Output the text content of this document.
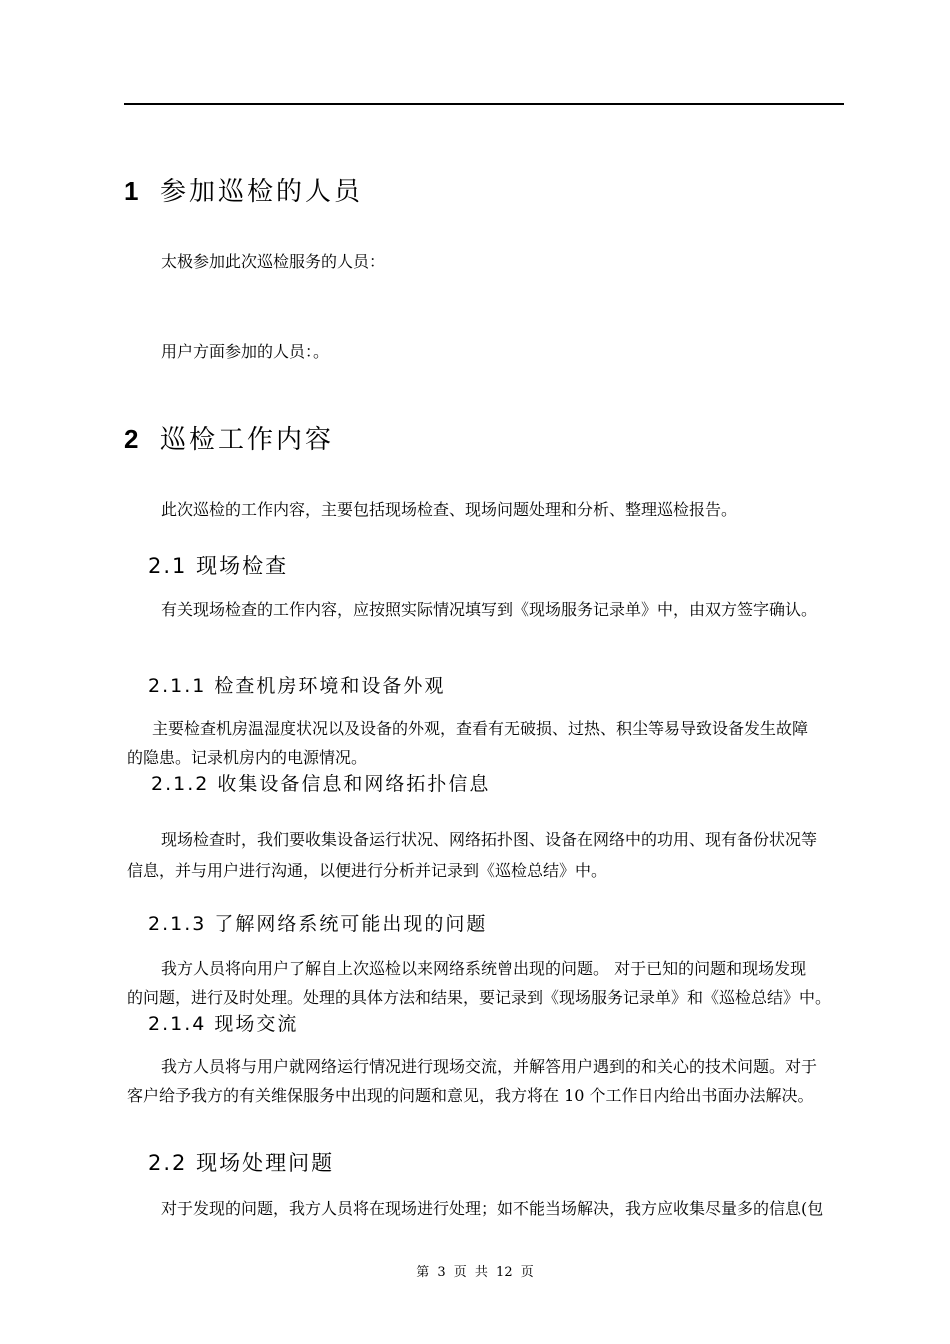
1 参加巡检的人员
太极参加此次巡检服务的人员：
用户方面参加的人员：。
2 巡检工作内容
此次巡检的工作内容，主要包括现场检查、现场问题处理和分析、整理巡检报告。
2.1 现场检查
有关现场检查的工作内容，应按照实际情况填写到《现场服务记录单》中，由双方签字确认。
2.1.1 检查机房环境和设备外观
主要检查机房温湿度状况以及设备的外观，查看有无破损、过热、积尘等易导致设备发生故障
的隐患。记录机房内的电源情况。
2.1.2 收集设备信息和网络拓扑信息
现场检查时，我们要收集设备运行状况、网络拓扑图、设备在网络中的功用、现有备份状况等
信息，并与用户进行沟通，以便进行分析并记录到《巡检总结》中。
2.1.3 了解网络系统可能出现的问题
我方人员将向用户了解自上次巡检以来网络系统曾出现的问题。 对于已知的问题和现场发现
的问题，进行及时处理。处理的具体方法和结果，要记录到《现场服务记录单》和《巡检总结》中。
2.1.4 现场交流
我方人员将与用户就网络运行情况进行现场交流，并解答用户遇到的和关心的技术问题。对于
客户给予我方的有关维保服务中出现的问题和意见，我方将在 10 个工作日内给出书面办法解决。
2.2 现场处理问题
对于发现的问题，我方人员将在现场进行处理；如不能当场解决，我方应收集尽量多的信息(包
第 3 页 共 12 页
